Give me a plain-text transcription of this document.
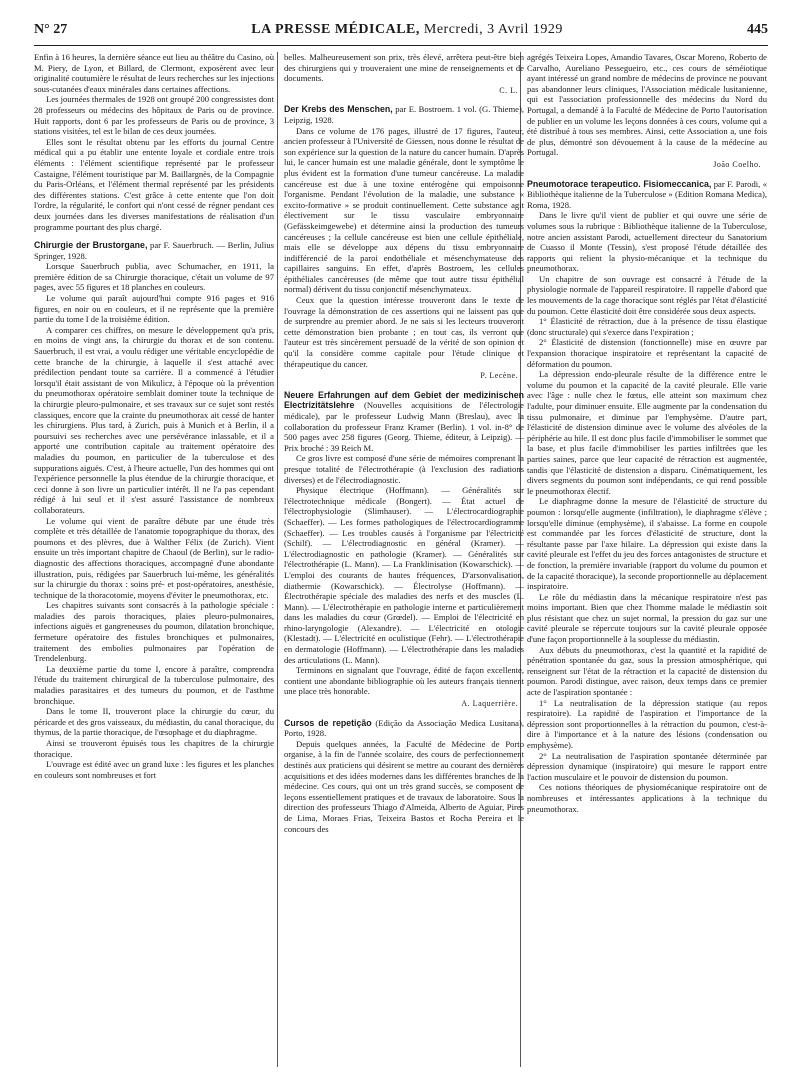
N° 27	LA PRESSE MÉDICALE, Mercredi, 3 Avril 1929	445

Enfin à 16 heures, la dernière séance eut lieu au théâtre du Casino, où M. Piery, de Lyon, et Billard, de Clermont, exposèrent avec leur originalité coutumière le résultat de leurs recherches sur les injections sous-cutanées d'eaux minérales dans certaines affections.

Les journées thermales de 1928 ont groupé 200 congressistes dont 28 professeurs ou médecins des hôpitaux de Paris ou de province. Huit rapports, dont 6 par les professeurs de Paris ou de province, 3 stations visitées, tel est le bilan de ces deux journées.

Elles sont le résultat obtenu par les efforts du journal Centre médical qui a pu établir une entente loyale et cordiale entre trois éléments : l'élément scientifique représenté par le professeur Castaigne, l'élément touristique par M. Baillargnès, de la Compagnie du Paris-Orléans, et l'élément thermal représenté par les présidents des différentes stations. C'est grâce à cette entente que l'on doit l'ordre, la régularité, le confort qui n'ont cessé de régner pendant ces deux journées dans les diverses manifestations de réalisation d'un programme pourtant des plus chargé.

Chirurgie der Brustorgane, par F. Sauerbruch. — Berlin, Julius Springer, 1928.

Lorsque Sauerbruch publia, avec Schumacher, en 1911, la première édition de sa Chirurgie thoracique, c'était un volume de 97 pages, avec 55 figures et 18 planches en couleurs.

Le volume qui paraît aujourd'hui compte 916 pages et 916 figures, en noir ou en couleurs, et il ne représente que la première partie du tome I de la troisième édition.

A comparer ces chiffres, on mesure le développement qu'a pris, en moins de vingt ans, la chirurgie du thorax et de son contenu. Sauerbruch, il est vrai, a voulu rédiger une véritable encyclopédie de cette branche de la chirurgie, à laquelle il s'est attaché avec prédilection pendant toute sa carrière. Il a commencé à l'étudier lorsqu'il était assistant de von Mikulicz, à l'époque où la prévention du pneumothorax opératoire semblait dominer toute la technique de la chirurgie pleuro-pulmonaire, et ses travaux sur ce sujet sont restés classiques, encore que la crainte du pneumothorax ait cessé de hanter les chirurgiens. Plus tard, à Zurich, puis à Munich et à Berlin, il a poursuivi ses recherches avec une persévérance inlassable, et il a apporté une contribution capitale au traitement opératoire des maladies du poumon, en particulier de la tuberculose et des suppurations aiguës. C'est, à l'heure actuelle, l'un des hommes qui ont l'expérience personnelle la plus étendue de la chirurgie thoracique, et ceci donne à son livre un particulier intérêt. Il ne l'a pas cependant rédigé à lui seul et il s'est assuré l'assistance de nombreux collaborateurs.

Le volume qui vient de paraître débute par une étude très complète et très détaillée de l'anatomie topographique du thorax, des poumons et des plèvres, due à Walther Félix (de Zurich). Vient ensuite un très important chapitre de Chaoul (de Berlin), sur le radio-diagnostic des affections thoraciques, accompagné d'une abondante illustration, puis, rédigées par Sauerbruch lui-même, les généralités sur la chirurgie du thorax : soins pré- et post-opératoires, anesthésie, technique de la thoracotomie, moyens d'éviter le pneumothorax, etc.

Les chapitres suivants sont consacrés à la pathologie spéciale : maladies des parois thoraciques, plaies pleuro-pulmonaires, infections aiguës et gangreneuses du poumon, dilatation bronchique, fermeture opératoire des fistules bronchiques et pulmonaires, traitement des embolies pulmonaires par l'opération de Trendelenburg.

La deuxième partie du tome I, encore à paraître, comprendra l'étude du traitement chirurgical de la tuberculose pulmonaire, des maladies parasitaires et des tumeurs du poumon, et de l'asthme bronchique.

Dans le tome II, trouveront place la chirurgie du cœur, du péricarde et des gros vaisseaux, du médiastin, du canal thoracique, du thymus, de la partie thoracique, de l'œsophage et du diaphragme.

Ainsi se trouveront épuisés tous les chapitres de la chirurgie thoracique.

L'ouvrage est édité avec un grand luxe : les figures et les planches en couleurs sont nombreuses et fort

belles. Malheureusement son prix, très élevé, arrêtera peut-être bien des chirurgiens qui y trouveraient une mine de renseignements et de documents.

C. L.

Der Krebs des Menschen, par E. Bostroem. 1 vol. (G. Thieme), Leipzig, 1928.

Dans ce volume de 176 pages, illustré de 17 figures, l'auteur, ancien professeur à l'Université de Giessen, nous donne le résultat de son expérience sur la question de la nature du cancer humain. D'après lui, le cancer humain est une maladie générale, dont le symptôme le plus évident est la formation d'une tumeur cancéreuse. La maladie cancéreuse est due à une toxine entérogène qui empoisonne l'organisme. Pendant l'évolution de la maladie, une substance « excito-formative » se produit continuellement. Cette substance agit électivement sur le tissu vasculaire embryonnaire (Gefässkeimgewebe) et détermine ainsi la production des tumeurs cancéreuses ; la cellule cancéreuse est bien une cellule épithéliale, mais elle se développe aux dépens du tissu embryonnaire indifférencié de la paroi endothéliale et mésenchymateuse des capillaires sanguins. En effet, d'après Bostroem, les cellules épithéliales cancéreuses (de même que tout autre tissu épithélial normal) dérivent du tissu conjonctif mésenchymateux.

Ceux que la question intéresse trouveront dans le texte de l'ouvrage la démonstration de ces assertions qui ne laissent pas que de surprendre au premier abord. Je ne sais si les lecteurs trouveront cette démonstration bien probante ; en tout cas, ils verront que l'auteur est très sincèrement persuadé de la vérité de son opinion et qu'il la considère comme capitale pour l'étude clinique et thérapeutique du cancer.

P. Lecène.

Neuere Erfahrungen auf dem Gebiet der medizinischen Electrizitätslehre (Nouvelles acquisitions de l'électrologie médicale), par le professeur Ludwig Mann (Breslau), avec la collaboration du professeur Franz Kramer (Berlin). 1 vol. in-8° de 500 pages avec 258 figures (Georg. Thieme, éditeur, à Leipzig). — Prix broché : 39 Reich M.

Ce gros livre est composé d'une série de mémoires comprenant la presque totalité de l'électrothérapie (à l'exclusion des radiations diverses) et de l'électrodiagnostic.

Physique électrique (Hoffmann). — Généralités sur l'électrotechnique médicale (Bongert). — État actuel de l'électrophysiologie (Slimhauser). — L'électrocardiographie (Schaeffer). — Les formes pathologiques de l'électrocardiogramme (Schaeffer). — Les troubles causés à l'organisme par l'électricité (Schilf). — L'électrodiagnostic en général (Kramer). — L'électrodiagnostic en pathologie (Kramer). — Généralités sur l'électrothérapie (L. Mann). — La Franklinisation (Kowarschick). — L'emploi des courants de hautes fréquences, D'arsonvalisation, diathermie (Kowarschick). — Électrolyse (Hoffmann). — Électrothérapie spéciale des maladies des nerfs et des muscles (L. Mann). — L'électrothérapie en pathologie interne et particulièrement dans les maladies du cœur (Grœdel). — Emploi de l'électricité en rhino-laryngologie (Alexandre). — L'électricité en otologie (Klestadt). — L'électricité en oculistique (Fehr). — L'électrothérapie en dermatologie (Hoffmann). — L'électrothérapie dans les maladies des articulations (L. Mann).

Terminons en signalant que l'ouvrage, édité de façon excellente, contient une abondante bibliographie où les auteurs français tiennent une place très honorable.

A. Laquerrière.

Cursos de repetição (Edição da Associação Medica Lusitana), Porto, 1928.

Depuis quelques années, la Faculté de Médecine de Porto organise, à la fin de l'année scolaire, des cours de perfectionnement destinés aux praticiens qui désirent se mettre au courant des dernières acquisitions et des idées modernes dans les différentes branches de la médecine. Ces cours, qui ont un très grand succès, se composent de leçons essentiellement pratiques et de travaux de laboratoire. Sous la direction des professeurs Thiago d'Almeida, Alberto de Aguiar, Pires de Lima, Moraes Frias, Teixeira Bastos et Rocha Pereira et le concours des

agrégés Teixeira Lopes, Amandio Tavares, Oscar Moreno, Roberto de Carvalho, Aureliano Pessegueiro, etc., ces cours de séméiotique ayant intéressé un grand nombre de médecins de province ne pouvant pas abandonner leurs cliniques, l'Association médicale lusitanienne, qui est l'association professionnelle des médecins du Nord du Portugal, a demandé à la Faculté de Médecine de Porto l'autorisation de publier en un volume les leçons données à ces cours, volume qui a été distribué à tous ses membres. Ainsi, cette Association a, une fois de plus, démontré son dévouement à la cause de la médecine au Portugal.

João Coelho.

Pneumotorace terapeutico. Fisiomeccanica, par F. Parodi, « Bibliothèque italienne de la Tuberculose » (Edition Romana Medica), Roma, 1928.

Dans le livre qu'il vient de publier et qui ouvre une série de volumes sous la rubrique : Bibliothèque italienne de la Tuberculose, notre ancien assistant Parodi, actuellement directeur du Sanatorium de Cuasso il Monte (Tessin), s'est proposé l'étude détaillée des rapports qui relient la physio-mécanique et la technique du pneumothorax.

Un chapitre de son ouvrage est consacré à l'étude de la physiologie normale de l'appareil respiratoire. Il rappelle d'abord que les mouvements de la cage thoracique sont réglés par l'état d'élasticité du poumon. Cette élasticité doit être considérée sous deux aspects.

1° Élasticité de rétraction, due à la présence de tissu élastique (donc structurale) qui s'exerce dans l'expiration ;

2° Élasticité de distension (fonctionnelle) mise en œuvre par l'expansion thoracique inspiratoire et représentant la capacité de déformation du poumon.

La dépression endo-pleurale résulte de la différence entre le volume du poumon et la capacité de la cavité pleurale. Elle varie avec l'âge : nulle chez le fœtus, elle atteint son maximum chez l'adulte, pour diminuer ensuite. Elle augmente par la condensation du tissu pulmonaire, et diminue par l'emphysème. D'autre part, l'élasticité de distension diminue avec le volume des alvéoles de la périphérie au hile. Il est donc plus facile d'immobiliser le sommet que la base, et plus facile d'immobiliser les parties infiltrées que les parties saines, parce que leur capacité de rétraction est augmentée, tandis que l'élasticité de distension a disparu. Cinématiquement, les divers segments du poumon sont indépendants, ce qui rend possible le pneumothorax électif.

Le diaphragme donne la mesure de l'élasticité de structure du poumon : lorsqu'elle augmente (infiltration), le diaphragme s'élève ; lorsqu'elle diminue (emphysème), il s'abaisse. La forme en coupole est commandée par les forces d'élasticité de structure, dont la résultante passe par l'axe hilaire. La dépression qui existe dans la cavité pleurale est l'effet du jeu des forces antagonistes de structure et de fonction, la première invariable (rapport du volume du poumon et de la capacité thoracique), la seconde proportionnelle au déplacement inspiratoire.

Le rôle du médiastin dans la mécanique respiratoire n'est pas moins important. Bien que chez l'homme malade le médiastin soit plus résistant que chez un sujet normal, la pression du gaz sur une cavité pleurale se répercute toujours sur la cavité pleurale opposée d'une façon proportionnelle à la souplesse du médiastin.

Aux débuts du pneumothorax, c'est la quantité et la rapidité de pénétration spontanée du gaz, sous la pression atmosphérique, qui renseignent sur l'état de la rétraction et la capacité de distension du poumon. Parodi distingue, avec raison, deux temps dans ce premier acte de l'aspiration spontanée :

1° La neutralisation de la dépression statique (au repos respiratoire). La rapidité de l'aspiration et l'importance de la dépression sont proportionnelles à la rétraction du poumon, c'est-à-dire à l'importance et à la nature des lésions (condensation ou emphysème).

2° La neutralisation de l'aspiration spontanée déterminée par dépression dynamique (inspiratoire) qui mesure le rapport entre l'action musculaire et le pouvoir de distension du poumon.

Ces notions théoriques de physiomécanique respiratoire ont de nombreuses et intéressantes applications à la technique du pneumothorax.
